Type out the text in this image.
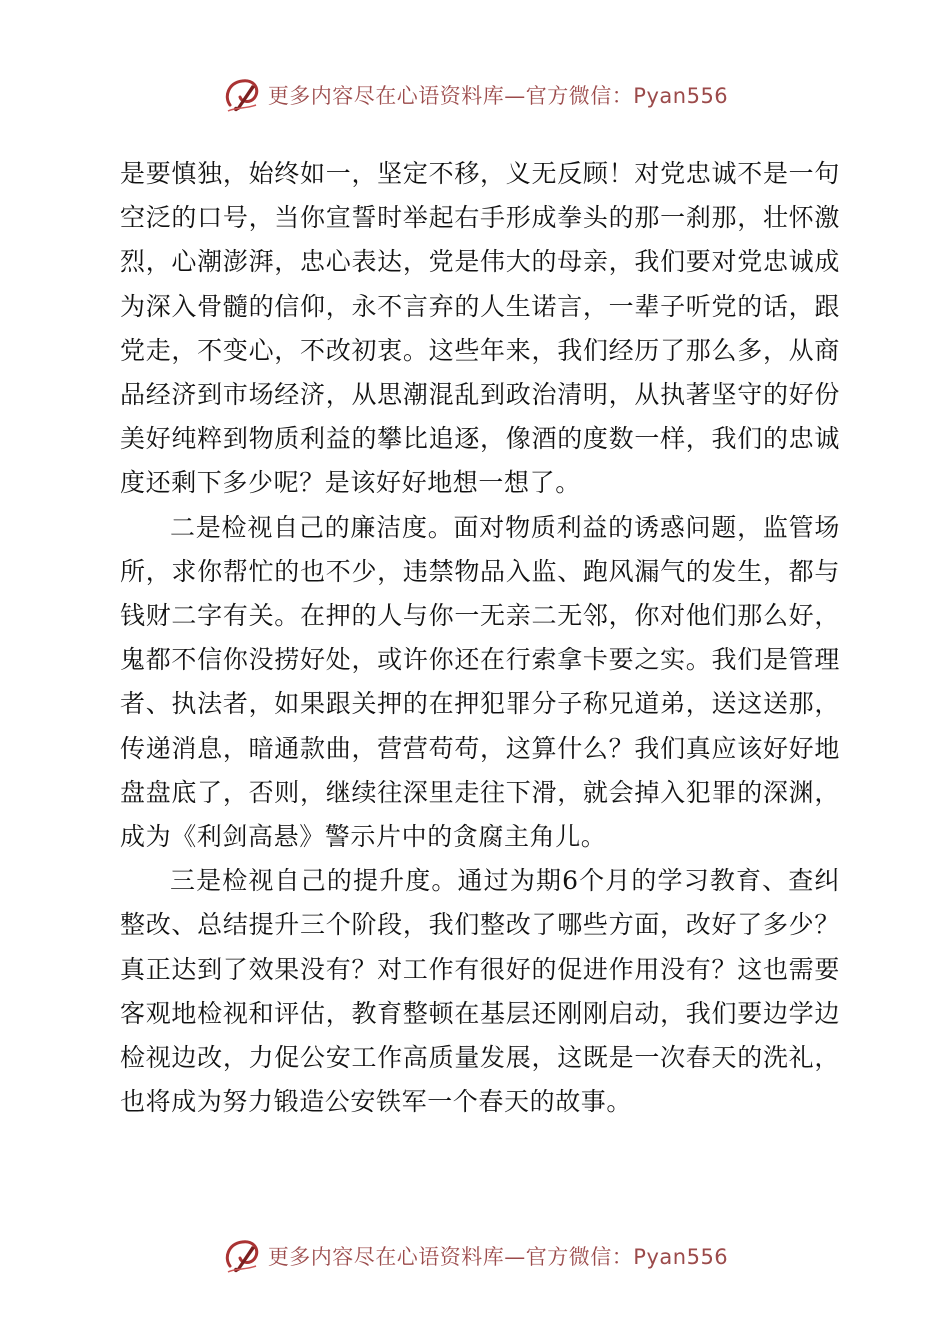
更多内容尽在心语资料库—官方微信：Pyan556

是要慎独，始终如一，坚定不移，义无反顾！对党忠诚不是一句空泛的口号，当你宣誓时举起右手形成拳头的那一刹那，壮怀激烈，心潮澎湃，忠心表达，党是伟大的母亲，我们要对党忠诚成为深入骨髓的信仰，永不言弃的人生诺言，一辈子听党的话，跟党走，不变心，不改初衷。这些年来，我们经历了那么多，从商品经济到市场经济，从思潮混乱到政治清明，从执著坚守的好份美好纯粹到物质利益的攀比追逐，像酒的度数一样，我们的忠诚度还剩下多少呢？是该好好地想一想了。

二是检视自己的廉洁度。面对物质利益的诱惑问题，监管场所，求你帮忙的也不少，违禁物品入监、跑风漏气的发生，都与钱财二字有关。在押的人与你一无亲二无邻，你对他们那么好，鬼都不信你没捞好处，或许你还在行索拿卡要之实。我们是管理者、执法者，如果跟关押的在押犯罪分子称兄道弟，送这送那，传递消息，暗通款曲，营营苟苟，这算什么？我们真应该好好地盘盘底了，否则，继续往深里走往下滑，就会掉入犯罪的深渊，成为《利剑高悬》警示片中的贪腐主角儿。

三是检视自己的提升度。通过为期6个月的学习教育、查纠整改、总结提升三个阶段，我们整改了哪些方面，改好了多少？真正达到了效果没有？对工作有很好的促进作用没有？这也需要客观地检视和评估，教育整顿在基层还刚刚启动，我们要边学边检视边改，力促公安工作高质量发展，这既是一次春天的洗礼，也将成为努力锻造公安铁军一个春天的故事。

更多内容尽在心语资料库—官方微信：Pyan556
